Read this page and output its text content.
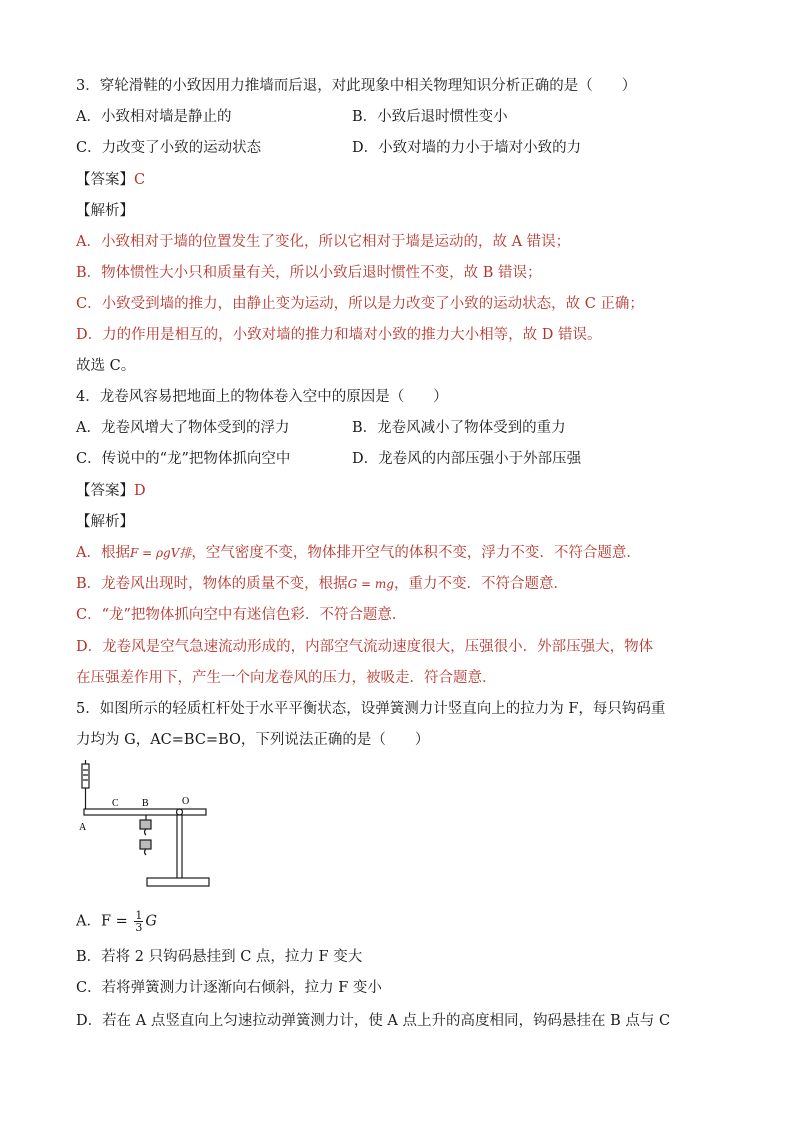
3．穿轮滑鞋的小致因用力推墙而后退，对此现象中相关物理知识分析正确的是（　　）
A．小致相对墙是静止的	B．小致后退时惯性变小
C．力改变了小致的运动状态	D．小致对墙的力小于墙对小致的力
【答案】C
【解析】
A．小致相对于墙的位置发生了变化，所以它相对于墙是运动的，故 A 错误；
B．物体惯性大小只和质量有关，所以小致后退时惯性不变，故 B 错误；
C．小致受到墙的推力，由静止变为运动，所以是力改变了小致的运动状态，故 C 正确；
D．力的作用是相互的，小致对墙的推力和墙对小致的推力大小相等，故 D 错误。
故选 C。
4．龙卷风容易把地面上的物体卷入空中的原因是（　　）
A．龙卷风增大了物体受到的浮力	B．龙卷风减小了物体受到的重力
C．传说中的“龙”把物体抓向空中	D．龙卷风的内部压强小于外部压强
【答案】D
【解析】
A．根据F = ρgV排，空气密度不变，物体排开空气的体积不变，浮力不变．不符合题意．
B．龙卷风出现时，物体的质量不变，根据G = mg，重力不变．不符合题意．
C．“龙”把物体抓向空中有迷信色彩．不符合题意．
D．龙卷风是空气急速流动形成的，内部空气流动速度很大，压强很小．外部压强大，物体
在压强差作用下，产生一个向龙卷风的压力，被吸走．符合题意．
5．如图所示的轻质杠杆处于水平平衡状态，设弹簧测力计竖直向上的拉力为 F，每只钩码重
力均为 G，AC=BC=BO，下列说法正确的是（　　）
A
C B	O
A．$F = \frac{1}{3}$ G
B．若将 2 只钩码悬挂到 C 点，拉力 F 变大
C．若将弹簧测力计逐渐向右倾斜，拉力 F 变小
D．若在 A 点竖直向上匀速拉动弹簧测力计，使 A 点上升的高度相同，钩码悬挂在 B 点与 C
